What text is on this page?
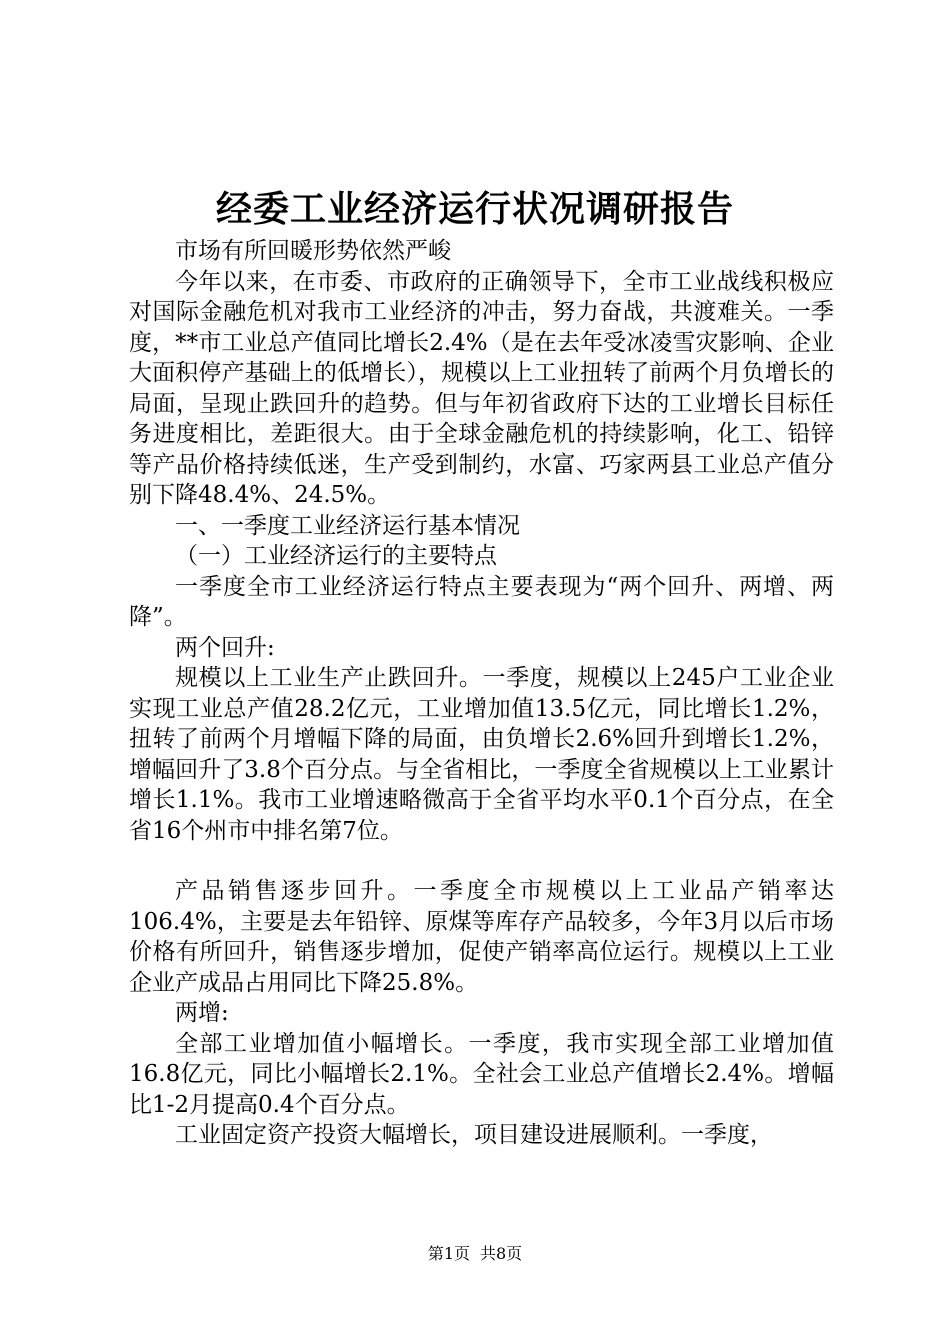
经委工业经济运行状况调研报告

市场有所回暖形势依然严峻

今年以来，在市委、市政府的正确领导下，全市工业战线积极应对国际金融危机对我市工业经济的冲击，努力奋战，共渡难关。一季度，**市工业总产值同比增长2.4%（是在去年受冰凌雪灾影响、企业大面积停产基础上的低增长），规模以上工业扭转了前两个月负增长的局面，呈现止跌回升的趋势。但与年初省政府下达的工业增长目标任务进度相比，差距很大。由于全球金融危机的持续影响，化工、铅锌等产品价格持续低迷，生产受到制约，水富、巧家两县工业总产值分别下降48.4%、24.5%。

一、一季度工业经济运行基本情况

（一）工业经济运行的主要特点

一季度全市工业经济运行特点主要表现为“两个回升、两增、两降”。

两个回升:

规模以上工业生产止跌回升。一季度，规模以上245户工业企业实现工业总产值28.2亿元，工业增加值13.5亿元，同比增长1.2%，扭转了前两个月增幅下降的局面，由负增长2.6%回升到增长1.2%，增幅回升了3.8个百分点。与全省相比，一季度全省规模以上工业累计增长1.1%。我市工业增速略微高于全省平均水平0.1个百分点，在全省16个州市中排名第7位。

产品销售逐步回升。一季度全市规模以上工业品产销率达106.4%，主要是去年铅锌、原煤等库存产品较多，今年3月以后市场价格有所回升，销售逐步增加，促使产销率高位运行。规模以上工业企业产成品占用同比下降25.8%。

两增:

全部工业增加值小幅增长。一季度，我市实现全部工业增加值16.8亿元，同比小幅增长2.1%。全社会工业总产值增长2.4%。增幅比1-2月提高0.4个百分点。

工业固定资产投资大幅增长，项目建设进展顺利。一季度，

第1页 共8页
